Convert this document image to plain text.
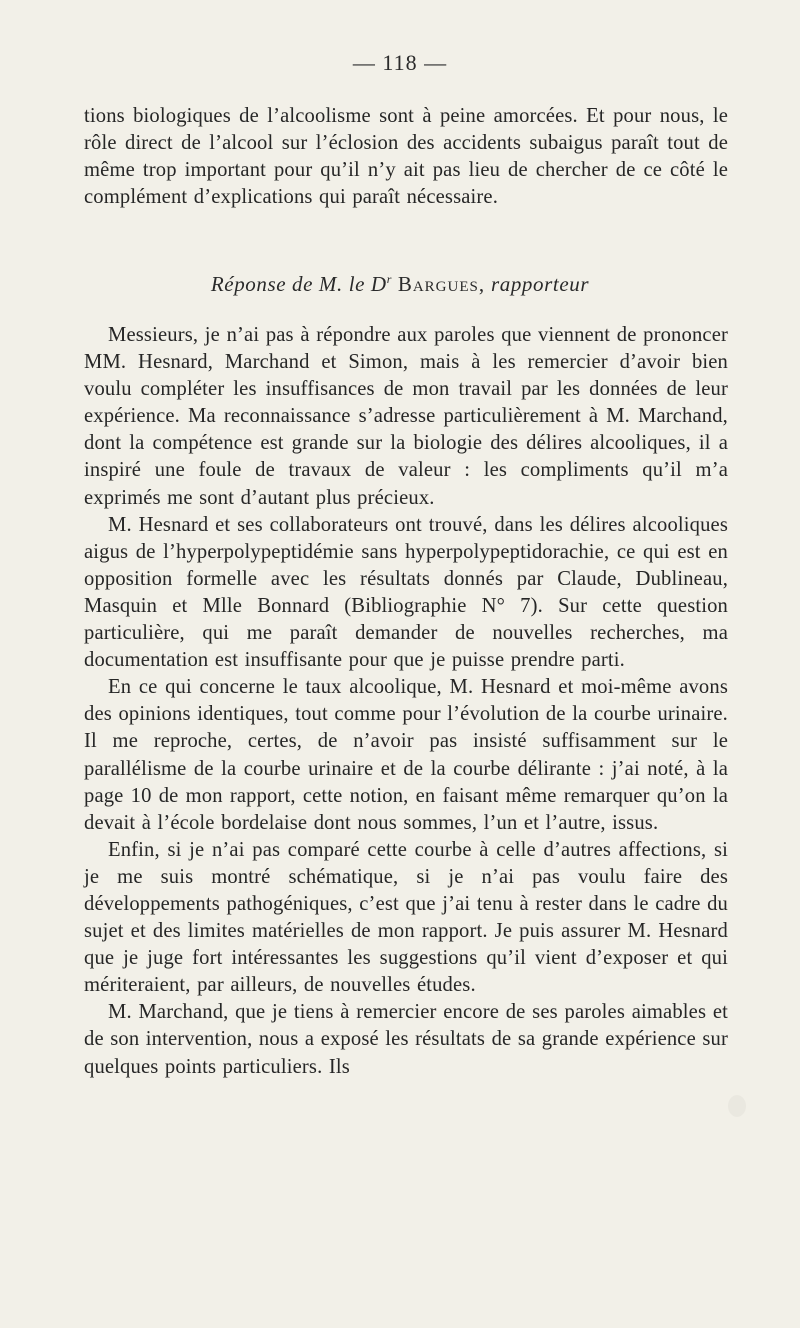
— 118 —

tions biologiques de l’alcoolisme sont à peine amorcées. Et pour nous, le rôle direct de l’alcool sur l’éclosion des accidents subaigus paraît tout de même trop important pour qu’il n’y ait pas lieu de chercher de ce côté le complément d’explications qui paraît nécessaire.

Réponse de M. le $D^r$ Bargues, rapporteur

Messieurs, je n’ai pas à répondre aux paroles que viennent de prononcer MM. Hesnard, Marchand et Simon, mais à les remercier d’avoir bien voulu compléter les insuffisances de mon travail par les données de leur expérience. Ma reconnaissance s’adresse particulièrement à M. Marchand, dont la compétence est grande sur la biologie des délires alcooliques, il a inspiré une foule de travaux de valeur : les compliments qu’il m’a exprimés me sont d’autant plus précieux.

M. Hesnard et ses collaborateurs ont trouvé, dans les délires alcooliques aigus de l’hyperpolypeptidémie sans hyperpolypeptidorachie, ce qui est en opposition formelle avec les résultats donnés par Claude, Dublineau, Masquin et Mlle Bonnard (Bibliographie N° 7). Sur cette question particulière, qui me paraît demander de nouvelles recherches, ma documentation est insuffisante pour que je puisse prendre parti.

En ce qui concerne le taux alcoolique, M. Hesnard et moi-même avons des opinions identiques, tout comme pour l’évolution de la courbe urinaire. Il me reproche, certes, de n’avoir pas insisté suffisamment sur le parallélisme de la courbe urinaire et de la courbe délirante : j’ai noté, à la page 10 de mon rapport, cette notion, en faisant même remarquer qu’on la devait à l’école bordelaise dont nous sommes, l’un et l’autre, issus.

Enfin, si je n’ai pas comparé cette courbe à celle d’autres affections, si je me suis montré schématique, si je n’ai pas voulu faire des développements pathogéniques, c’est que j’ai tenu à rester dans le cadre du sujet et des limites matérielles de mon rapport. Je puis assurer M. Hesnard que je juge fort intéressantes les suggestions qu’il vient d’exposer et qui mériteraient, par ailleurs, de nouvelles études.

M. Marchand, que je tiens à remercier encore de ses paroles aimables et de son intervention, nous a exposé les résultats de sa grande expérience sur quelques points particuliers. Ils
